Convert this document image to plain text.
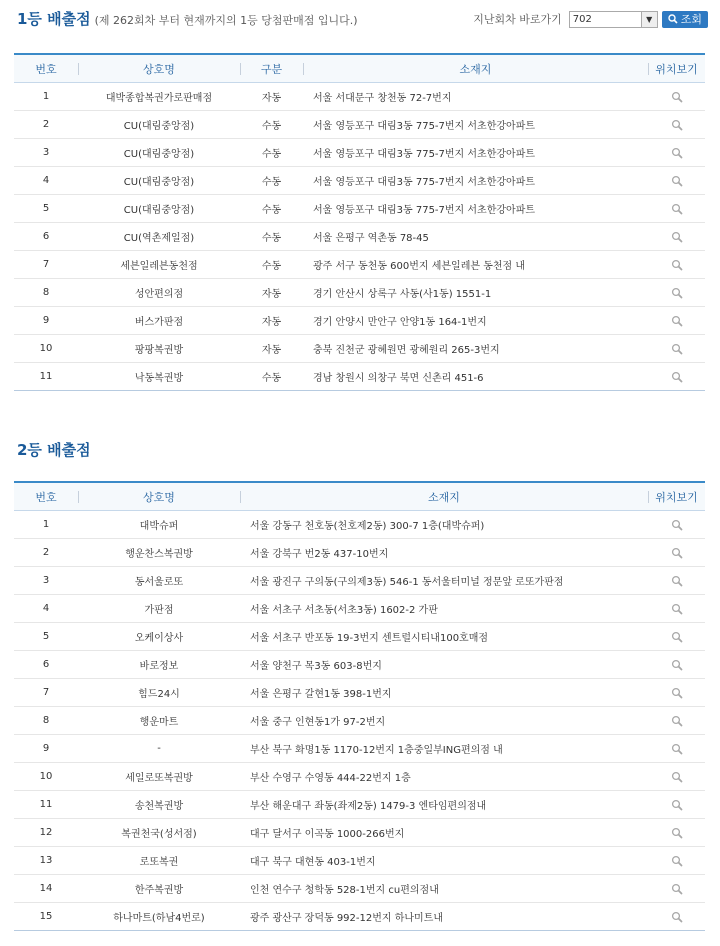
1등 배출점 (제 262회차 부터 현재까지의 1등 당첨판매점 입니다.)	지난회차 바로가기	702	▼	조회
번호	상호명	구분	소재지	위치보기
1	대박종합복권가로판매점	자동	서울 서대문구 창천동 72-7번지	
2	CU(대림중앙점)	수동	서울 영등포구 대림3동 775-7번지 서초한강아파트	
3	CU(대림중앙점)	수동	서울 영등포구 대림3동 775-7번지 서초한강아파트	
4	CU(대림중앙점)	수동	서울 영등포구 대림3동 775-7번지 서초한강아파트	
5	CU(대림중앙점)	수동	서울 영등포구 대림3동 775-7번지 서초한강아파트	
6	CU(역촌제일점)	수동	서울 은평구 역촌동 78-45	
7	세븐일레븐동천점	수동	광주 서구 동천동 600번지 세븐일레븐 동천점 내	
8	성안편의점	자동	경기 안산시 상록구 사동(사1동) 1551-1	
9	버스가판점	자동	경기 안양시 만안구 안양1동 164-1번지	
10	팡팡복권방	자동	충북 진천군 광혜원면 광혜원리 265-3번지	
11	낙동복권방	수동	경남 창원시 의창구 북면 신촌리 451-6	
2등 배출점
번호	상호명	소재지	위치보기
1	대박슈퍼	서울 강동구 천호동(천호제2동) 300-7 1층(대박슈퍼)	
2	행운찬스복권방	서울 강북구 번2동 437-10번지	
3	동서울로또	서울 광진구 구의동(구의제3동) 546-1 동서울터미널 정문앞 로또가판점	
4	가판점	서울 서초구 서초동(서초3동) 1602-2 가판	
5	오케이상사	서울 서초구 반포동 19-3번지 센트럴시티내100호매점	
6	바로정보	서울 양천구 목3동 603-8번지	
7	힘드24시	서울 은평구 갈현1동 398-1번지	
8	행운마트	서울 중구 인현동1가 97-2번지	
9	-	부산 북구 화명1동 1170-12번지 1층중일부ING편의점 내	
10	세일로또복권방	부산 수영구 수영동 444-22번지 1층	
11	송천복권방	부산 해운대구 좌동(좌제2동) 1479-3 엔타임편의점내	
12	복권천국(성서점)	대구 달서구 이곡동 1000-266번지	
13	로또복권	대구 북구 대현동 403-1번지	
14	한주복권방	인천 연수구 청학동 528-1번지 cu편의점내	
15	하나마트(하남4번로)	광주 광산구 장덕동 992-12번지 하나미트내	
